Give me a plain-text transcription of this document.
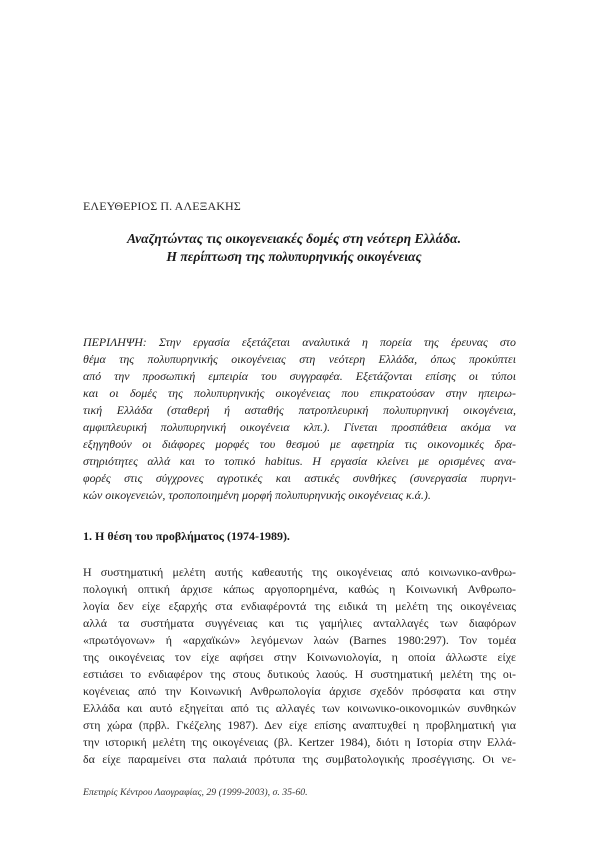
ΕΛΕΥΘΕΡΙΟΣ Π. ΑΛΕΞΑΚΗΣ
Αναζητώντας τις οικογενειακές δομές στη νεότερη Ελλάδα.
Η περίπτωση της πολυπυρηνικής οικογένειας
ΠΕΡΙΛΗΨΗ: Στην εργασία εξετάζεται αναλυτικά η πορεία της έρευνας στο
θέμα της πολυπυρηνικής οικογένειας στη νεότερη Ελλάδα, όπως προκύπτει
από την προσωπική εμπειρία του συγγραφέα. Εξετάζονται επίσης οι τύποι
και οι δομές της πολυπυρηνικής οικογένειας που επικρατούσαν στην ηπειρω-
τική Ελλάδα (σταθερή ή ασταθής πατροπλευρική πολυπυρηνική οικογένεια,
αμφιπλευρική πολυπυρηνική οικογένεια κλπ.). Γίνεται προσπάθεια ακόμα να
εξηγηθούν οι διάφορες μορφές του θεσμού με αφετηρία τις οικονομικές δρα-
στηριότητες αλλά και το τοπικό habitus. Η εργασία κλείνει με ορισμένες ανα-
φορές στις σύγχρονες αγροτικές και αστικές συνθήκες (συνεργασία πυρηνι-
κών οικογενειών, τροποποιημένη μορφή πολυπυρηνικής οικογένειας κ.ά.).
1. Η θέση του προβλήματος (1974-1989).
Η συστηματική μελέτη αυτής καθεαυτής της οικογένειας από κοινωνικο-ανθρω-
πολογική οπτική άρχισε κάπως αργοπορημένα, καθώς η Κοινωνική Ανθρωπο-
λογία δεν είχε εξαρχής στα ενδιαφέροντά της ειδικά τη μελέτη της οικογένειας
αλλά τα συστήματα συγγένειας και τις γαμήλιες ανταλλαγές των διαφόρων
«πρωτόγονων» ή «αρχαϊκών» λεγόμενων λαών (Barnes 1980:297). Τον τομέα
της οικογένειας τον είχε αφήσει στην Κοινωνιολογία, η οποία άλλωστε είχε
εστιάσει το ενδιαφέρον της στους δυτικούς λαούς. Η συστηματική μελέτη της οι-
κογένειας από την Κοινωνική Ανθρωπολογία άρχισε σχεδόν πρόσφατα και στην
Ελλάδα και αυτό εξηγείται από τις αλλαγές των κοινωνικο-οικονομικών συνθηκών
στη χώρα (πρβλ. Γκέζελης 1987). Δεν είχε επίσης αναπτυχθεί η προβληματική για
την ιστορική μελέτη της οικογένειας (βλ. Kertzer 1984), διότι η Ιστορία στην Ελλά-
δα είχε παραμείνει στα παλαιά πρότυπα της συμβατολογικής προσέγγισης. Οι νε-
Επετηρίς Κέντρου Λαογραφίας, 29 (1999-2003), σ. 35-60.
